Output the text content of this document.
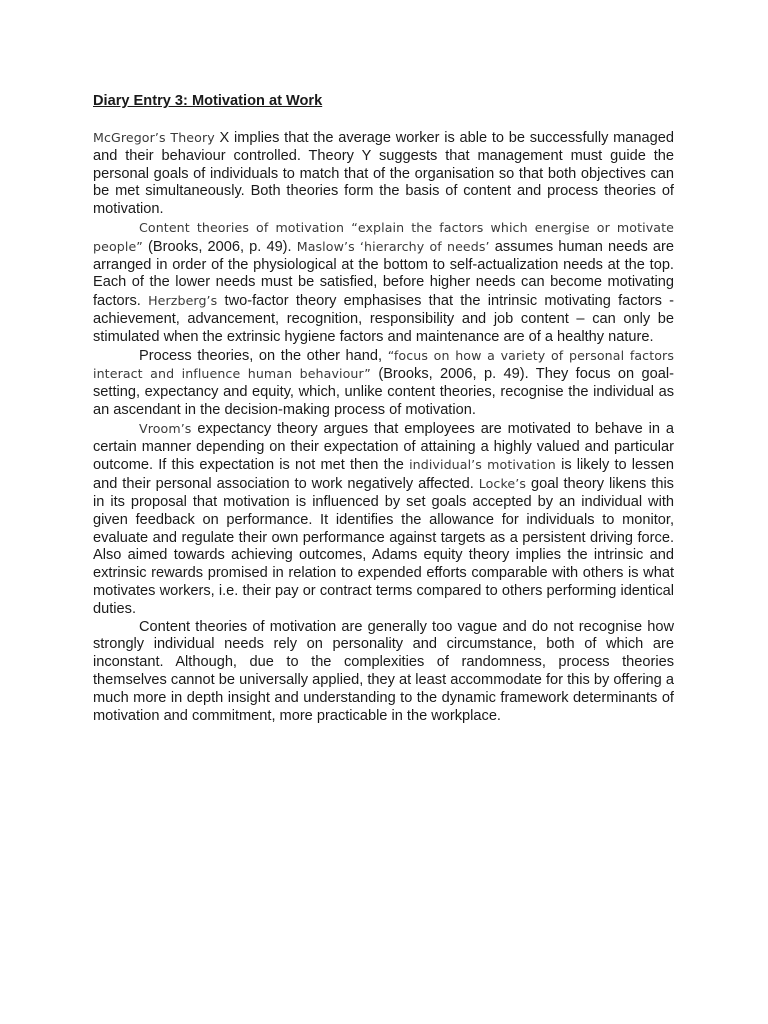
Diary Entry 3: Motivation at Work

McGregor’s Theory X implies that the average worker is able to be successfully managed and their behaviour controlled. Theory Y suggests that management must guide the personal goals of individuals to match that of the organisation so that both objectives can be met simultaneously. Both theories form the basis of content and process theories of motivation.

Content theories of motivation “explain the factors which energise or motivate people” (Brooks, 2006, p. 49). Maslow’s ‘hierarchy of needs’ assumes human needs are arranged in order of the physiological at the bottom to self-actualization needs at the top. Each of the lower needs must be satisfied, before higher needs can become motivating factors. Herzberg’s two-factor theory emphasises that the intrinsic motivating factors - achievement, advancement, recognition, responsibility and job content – can only be stimulated when the extrinsic hygiene factors and maintenance are of a healthy nature.

Process theories, on the other hand, “focus on how a variety of personal factors interact and influence human behaviour” (Brooks, 2006, p. 49). They focus on goal-setting, expectancy and equity, which, unlike content theories, recognise the individual as an ascendant in the decision-making process of motivation.

Vroom’s expectancy theory argues that employees are motivated to behave in a certain manner depending on their expectation of attaining a highly valued and particular outcome. If this expectation is not met then the individual’s motivation is likely to lessen and their personal association to work negatively affected. Locke’s goal theory likens this in its proposal that motivation is influenced by set goals accepted by an individual with given feedback on performance. It identifies the allowance for individuals to monitor, evaluate and regulate their own performance against targets as a persistent driving force. Also aimed towards achieving outcomes, Adams equity theory implies the intrinsic and extrinsic rewards promised in relation to expended efforts comparable with others is what motivates workers, i.e. their pay or contract terms compared to others performing identical duties.

Content theories of motivation are generally too vague and do not recognise how strongly individual needs rely on personality and circumstance, both of which are inconstant. Although, due to the complexities of randomness, process theories themselves cannot be universally applied, they at least accommodate for this by offering a much more in depth insight and understanding to the dynamic framework determinants of motivation and commitment, more practicable in the workplace.
